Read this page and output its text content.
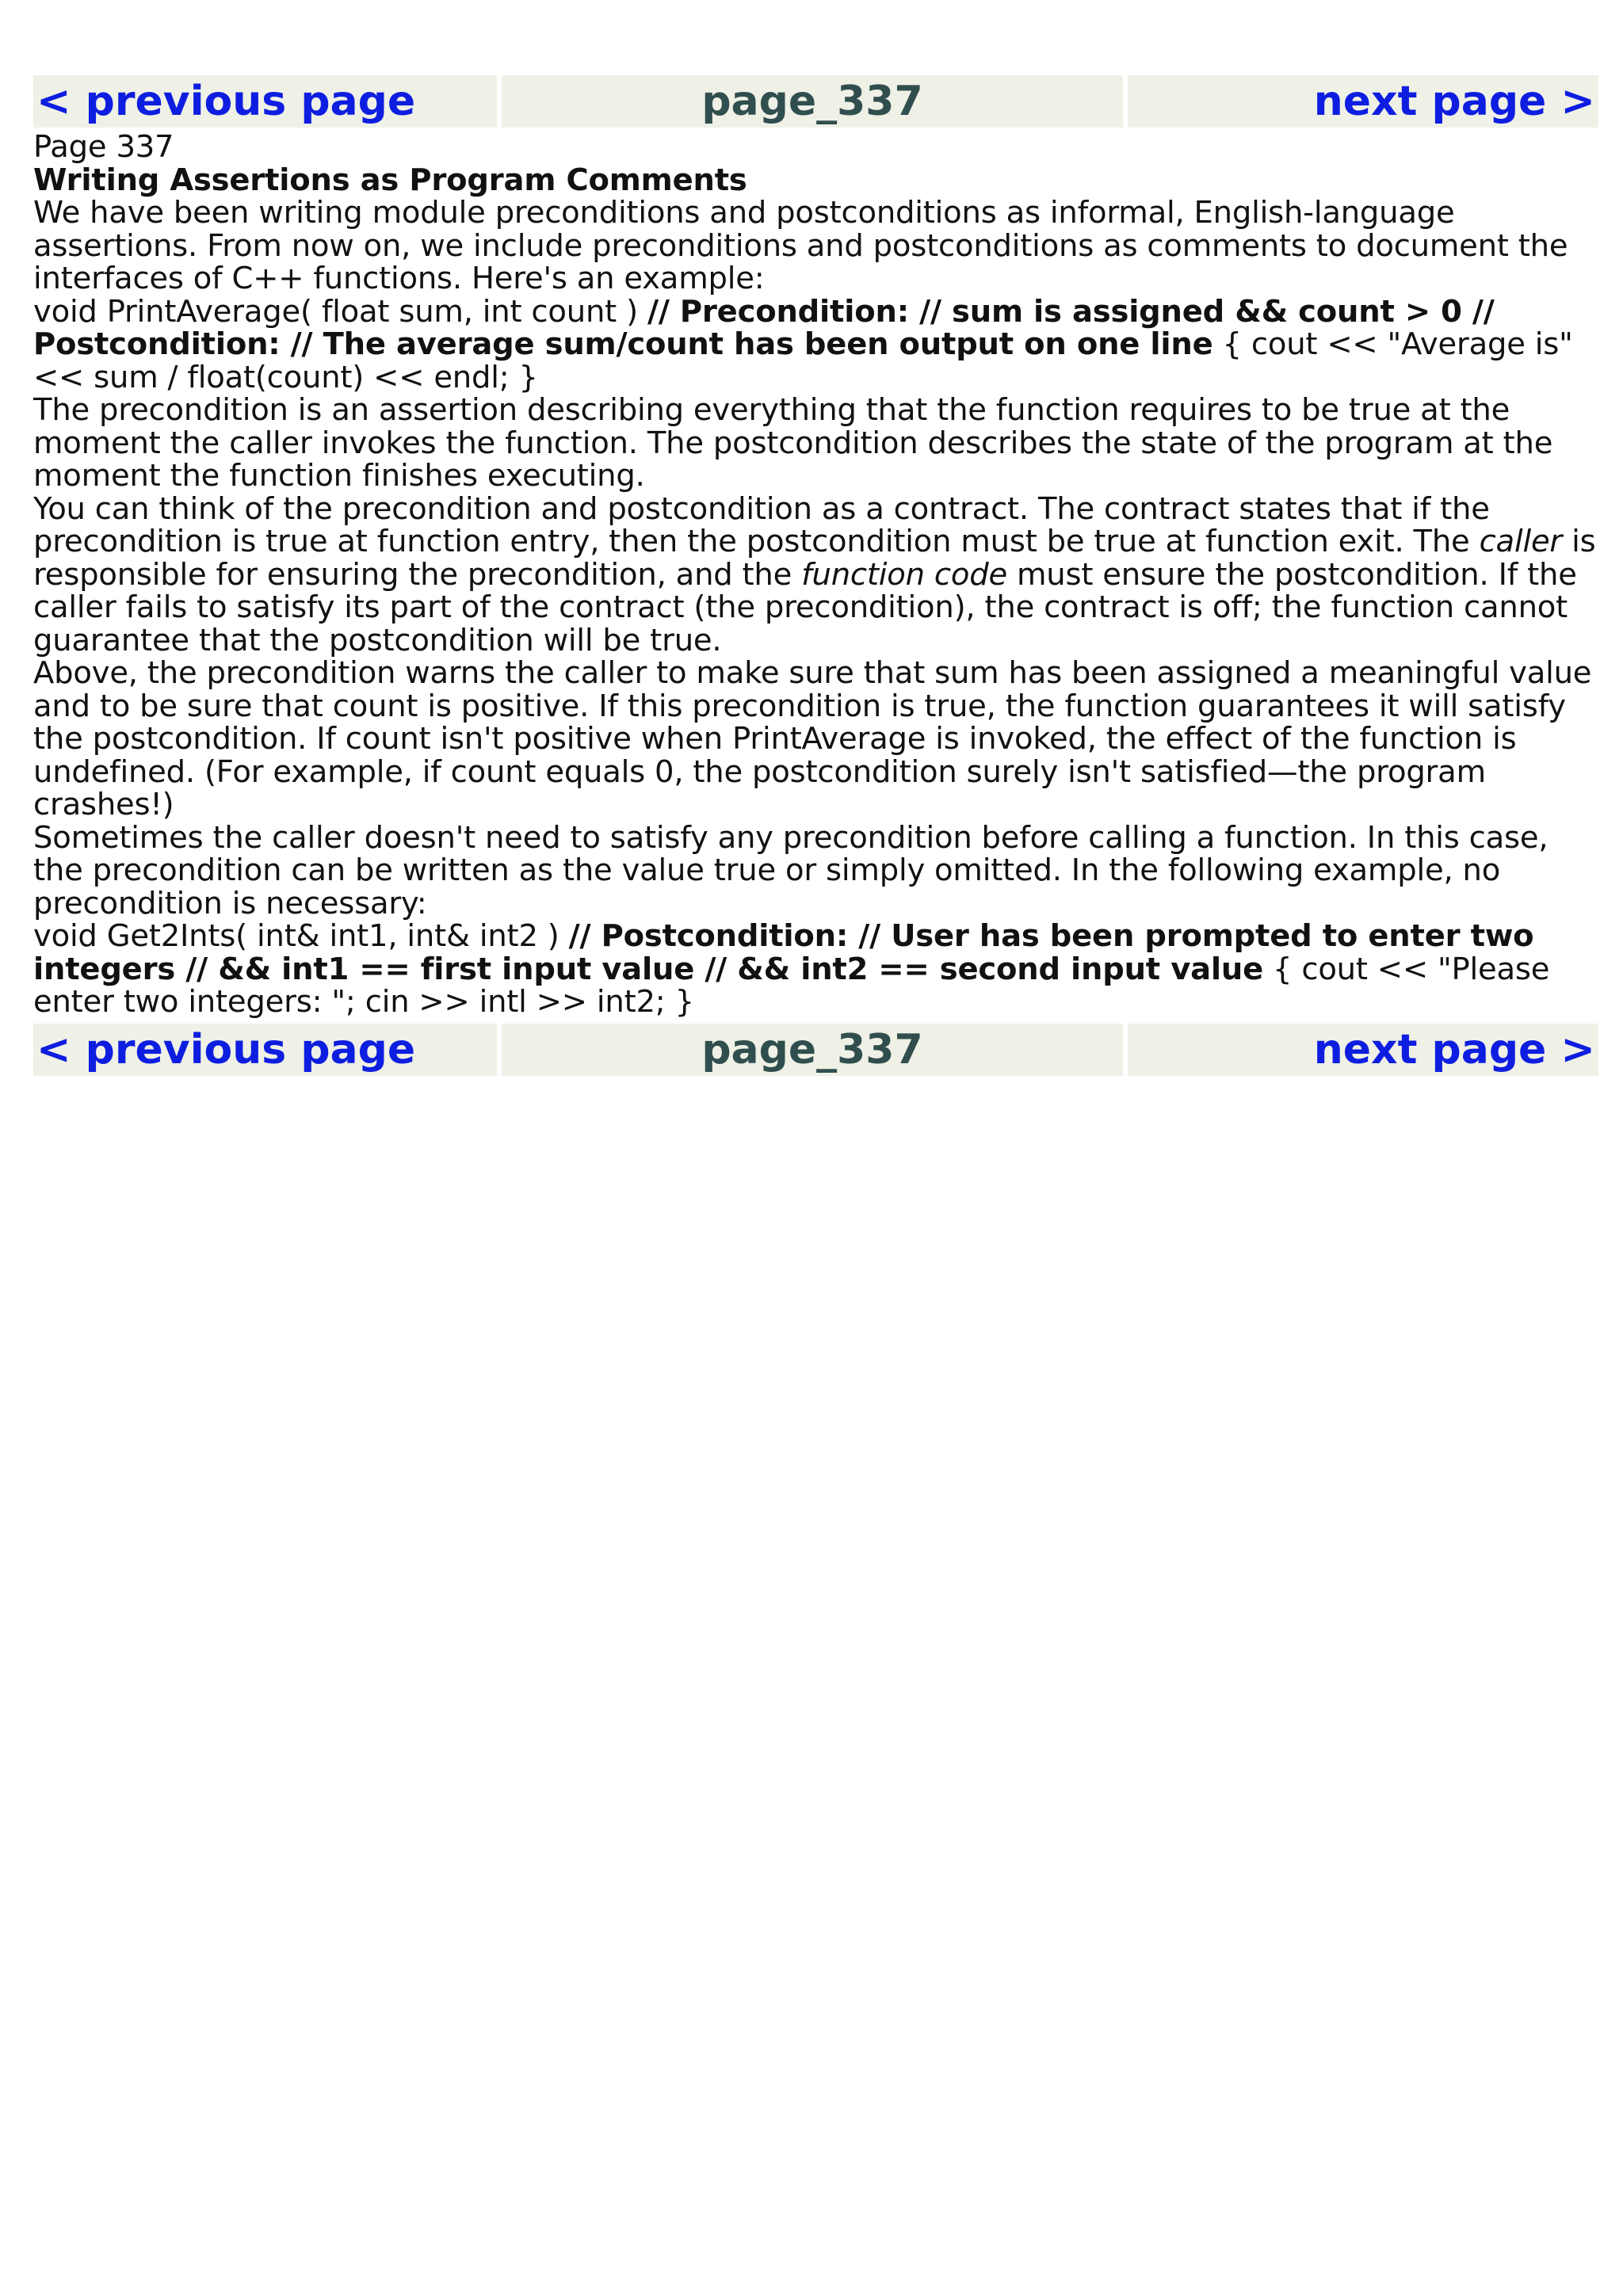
< previous page	page_337	next page >

Page 337

Writing Assertions as Program Comments

We have been writing module preconditions and postconditions as informal, English-language assertions. From now on, we include preconditions and postconditions as comments to document the interfaces of C++ functions. Here's an example:

void PrintAverage( float sum, int count ) // Precondition: // sum is assigned && count > 0 // Postcondition: // The average sum/count has been output on one line { cout << "Average is" << sum / float(count) << endl; }

The precondition is an assertion describing everything that the function requires to be true at the moment the caller invokes the function. The postcondition describes the state of the program at the moment the function finishes executing.

You can think of the precondition and postcondition as a contract. The contract states that if the precondition is true at function entry, then the postcondition must be true at function exit. The caller is responsible for ensuring the precondition, and the function code must ensure the postcondition. If the caller fails to satisfy its part of the contract (the precondition), the contract is off; the function cannot guarantee that the postcondition will be true.

Above, the precondition warns the caller to make sure that sum has been assigned a meaningful value and to be sure that count is positive. If this precondition is true, the function guarantees it will satisfy the postcondition. If count isn't positive when PrintAverage is invoked, the effect of the function is undefined. (For example, if count equals 0, the postcondition surely isn't satisfied—the program crashes!)

Sometimes the caller doesn't need to satisfy any precondition before calling a function. In this case, the precondition can be written as the value true or simply omitted. In the following example, no precondition is necessary:

void Get2Ints( int& int1, int& int2 ) // Postcondition: // User has been prompted to enter two integers // && int1 == first input value // && int2 == second input value { cout << "Please enter two integers: "; cin >> intl >> int2; }

< previous page	page_337	next page >
